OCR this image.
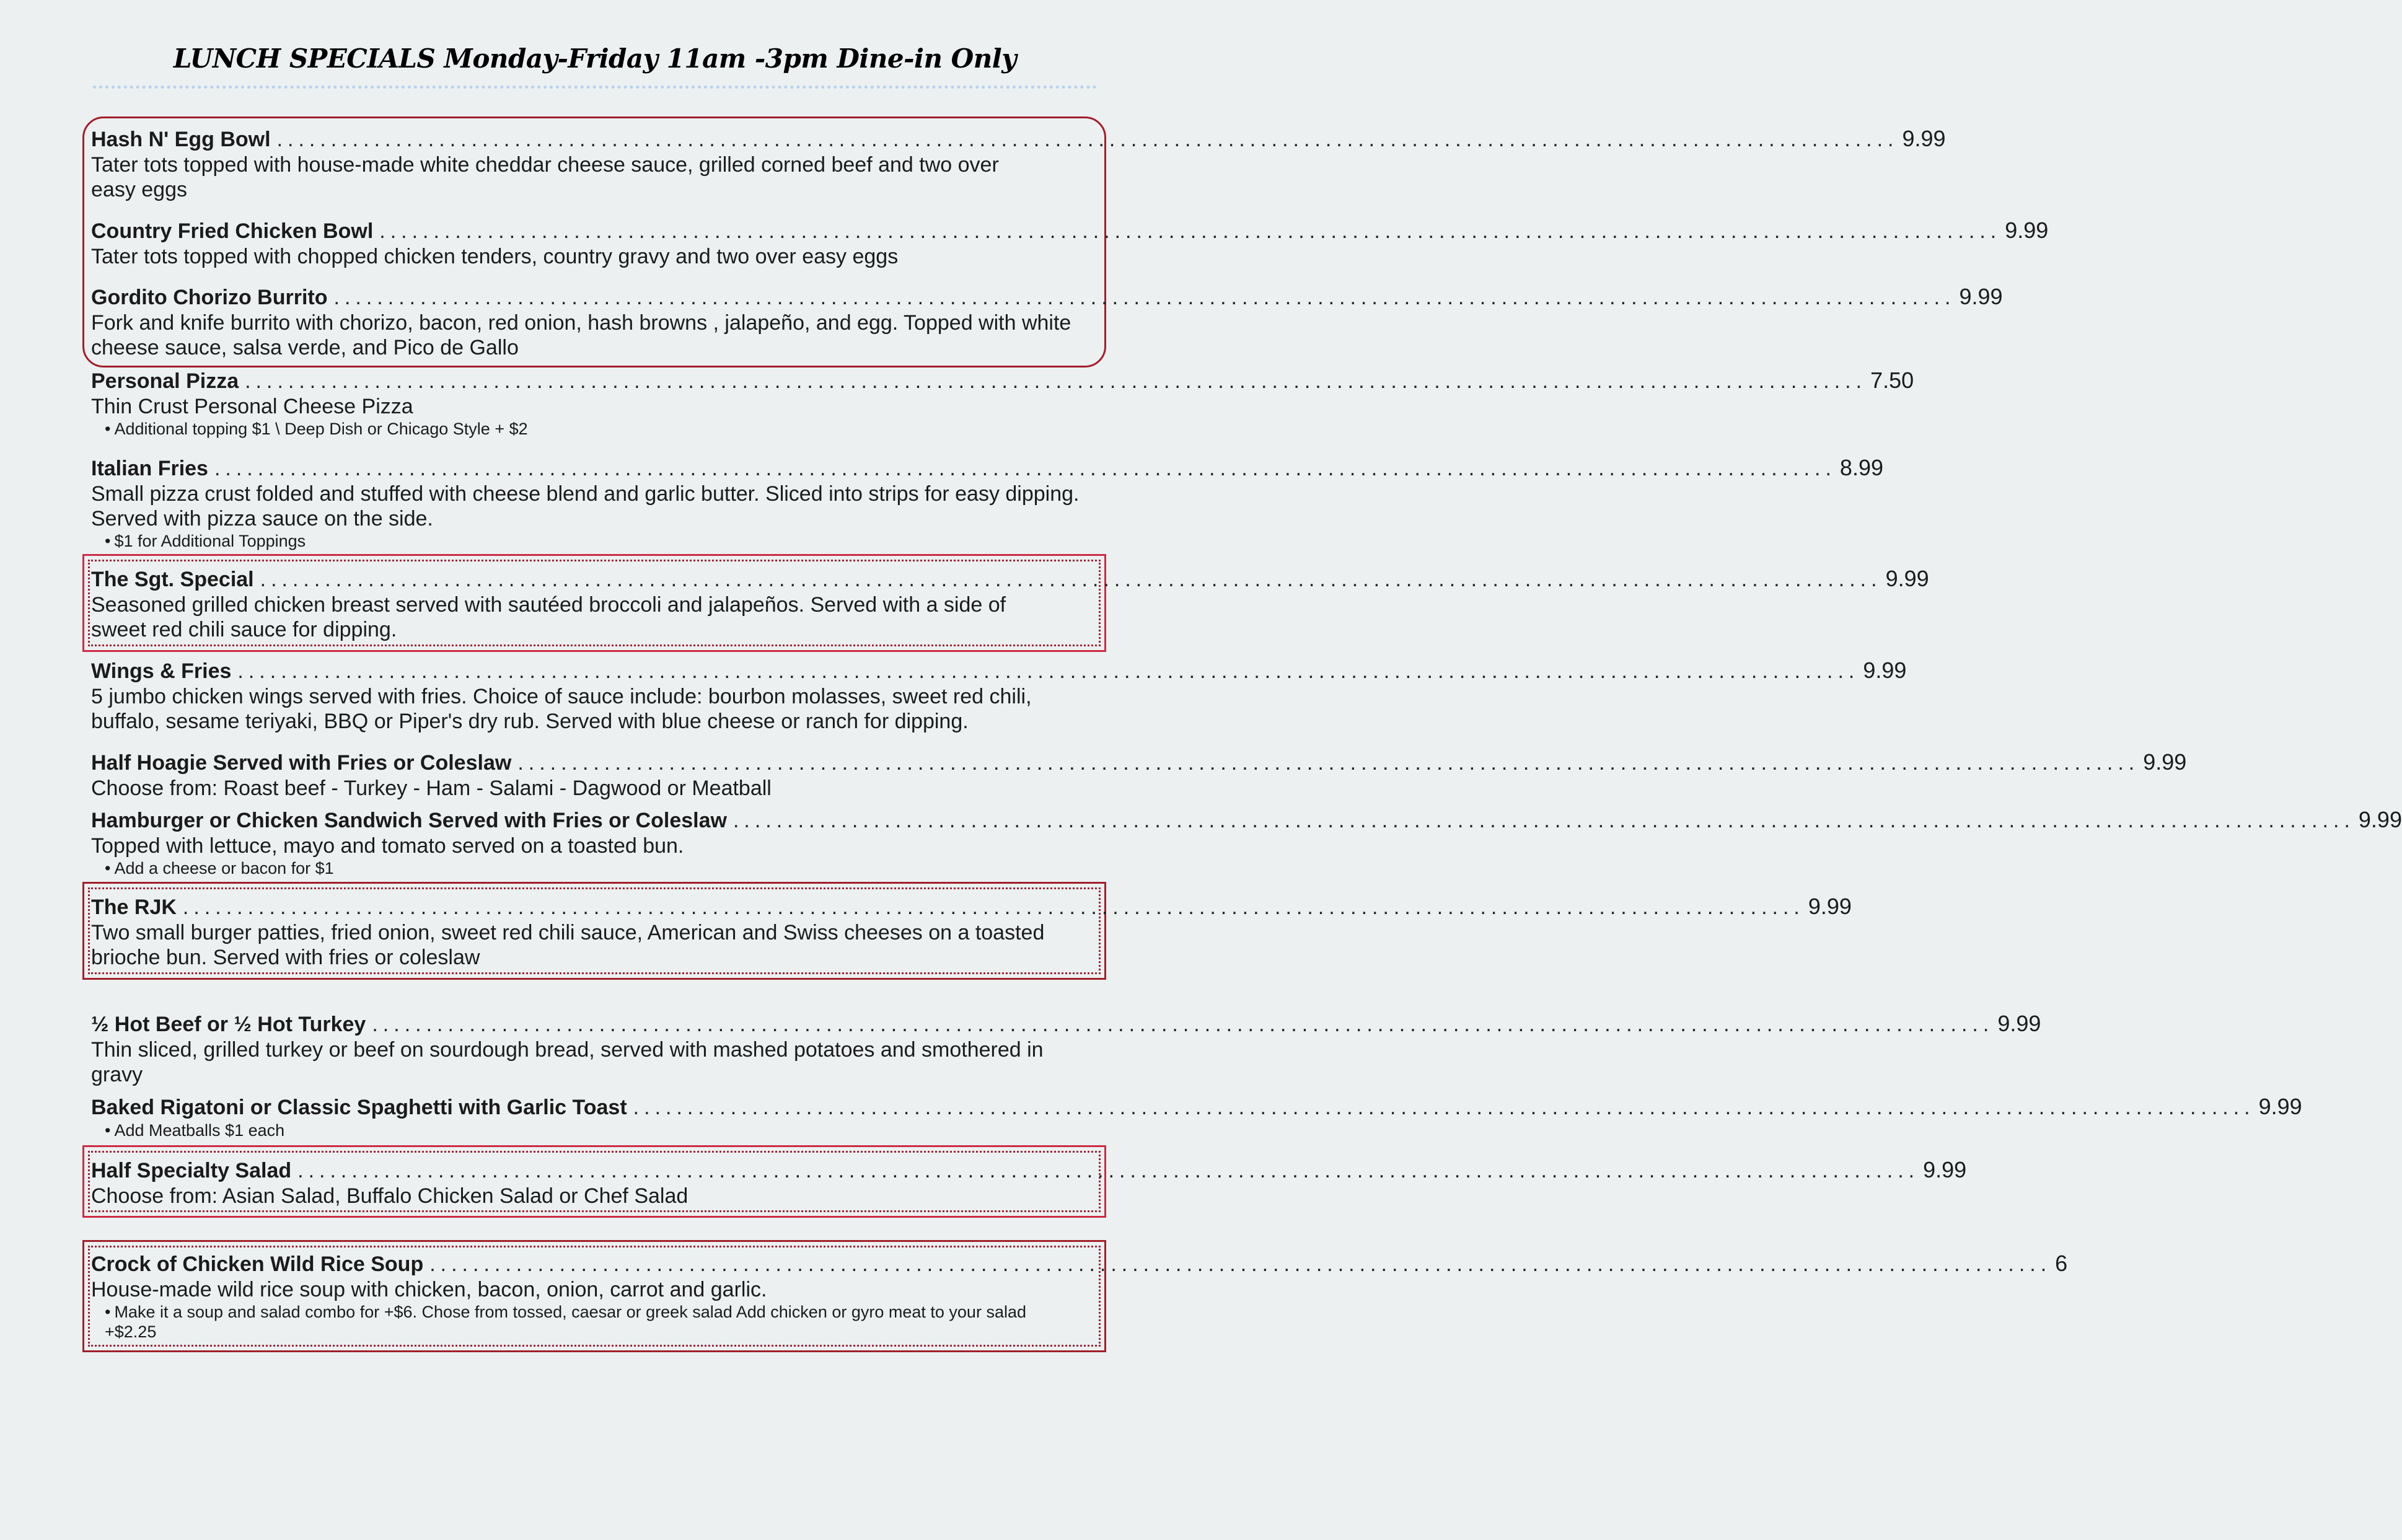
LUNCH SPECIALS Monday-Friday 11am -3pm Dine-in Only
Hash N' Egg Bowl ...................................................................................................................................................... 9.99
Tater tots topped with house-made white cheddar cheese sauce, grilled corned beef and two over easy eggs
Country Fried Chicken Bowl ...................................................................................................................................................... 9.99
Tater tots topped with chopped chicken tenders, country gravy and two over easy eggs
Gordito Chorizo Burrito ...................................................................................................................................................... 9.99
Fork and knife burrito with chorizo, bacon, red onion, hash browns , jalapeño, and egg. Topped with white cheese sauce, salsa verde, and Pico de Gallo
Personal Pizza ...................................................................................................................................................... 7.50
Thin Crust Personal Cheese Pizza
• Additional topping $1 \ Deep Dish or Chicago Style + $2
Italian Fries ...................................................................................................................................................... 8.99
Small pizza crust folded and stuffed with cheese blend and garlic butter. Sliced into strips for easy dipping. Served with pizza sauce on the side.
• $1 for Additional Toppings
The Sgt. Special ...................................................................................................................................................... 9.99
Seasoned grilled chicken breast served with sautéed broccoli and jalapeños. Served with a side of sweet red chili sauce for dipping.
Wings & Fries ...................................................................................................................................................... 9.99
5 jumbo chicken wings served with fries. Choice of sauce include: bourbon molasses, sweet red chili, buffalo, sesame teriyaki, BBQ or Piper's dry rub. Served with blue cheese or ranch for dipping.
Half Hoagie Served with Fries or Coleslaw ...................................................................................................................................................... 9.99
Choose from: Roast beef - Turkey - Ham - Salami - Dagwood or Meatball
Hamburger or Chicken Sandwich Served with Fries or Coleslaw ...................................................................................................................................................... 9.99
Topped with lettuce, mayo and tomato served on a toasted bun.
• Add a cheese or bacon for $1
The RJK ...................................................................................................................................................... 9.99
Two small burger patties, fried onion, sweet red chili sauce, American and Swiss cheeses on a toasted brioche bun. Served with fries or coleslaw
½ Hot Beef or ½ Hot Turkey ...................................................................................................................................................... 9.99
Thin sliced, grilled turkey or beef on sourdough bread, served with mashed potatoes and smothered in gravy
Baked Rigatoni or Classic Spaghetti with Garlic Toast ...................................................................................................................................................... 9.99
• Add Meatballs $1 each
Half Specialty Salad ...................................................................................................................................................... 9.99
Choose from: Asian Salad, Buffalo Chicken Salad or Chef Salad
Crock of Chicken Wild Rice Soup ...................................................................................................................................................... 6
House-made wild rice soup with chicken, bacon, onion, carrot and garlic.
• Make it a soup and salad combo for +$6. Chose from tossed, caesar or greek salad Add chicken or gyro meat to your salad +$2.25
